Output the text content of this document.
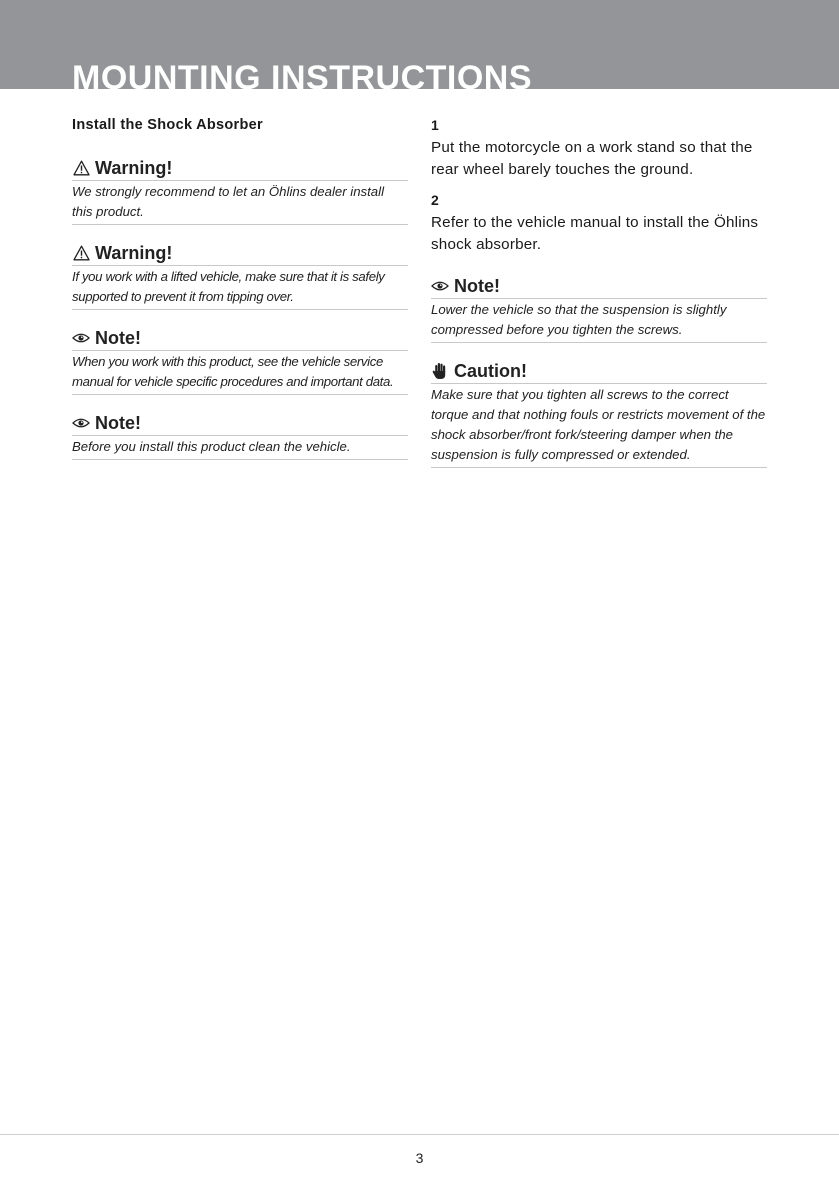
MOUNTING INSTRUCTIONS
Install the Shock Absorber
Warning!
We strongly recommend to let an Öhlins dealer install this product.
Warning!
If you work with a lifted vehicle, make sure that it is safely supported to prevent it from tipping over.
Note!
When you work with this product, see the vehicle service manual for vehicle specific procedures and important data.
Note!
Before you install this product clean the vehicle.
1
Put the motorcycle on a work stand so that the rear wheel barely touches the ground.
2
Refer to the vehicle manual to install the Öhlins shock absorber.
Note!
Lower the vehicle so that the suspension is slightly compressed before you tighten the screws.
Caution!
Make sure that you tighten all screws to the correct torque and that nothing fouls or restricts movement of the shock absorber/front fork/steering damper when the suspension is fully compressed or extended.
3
